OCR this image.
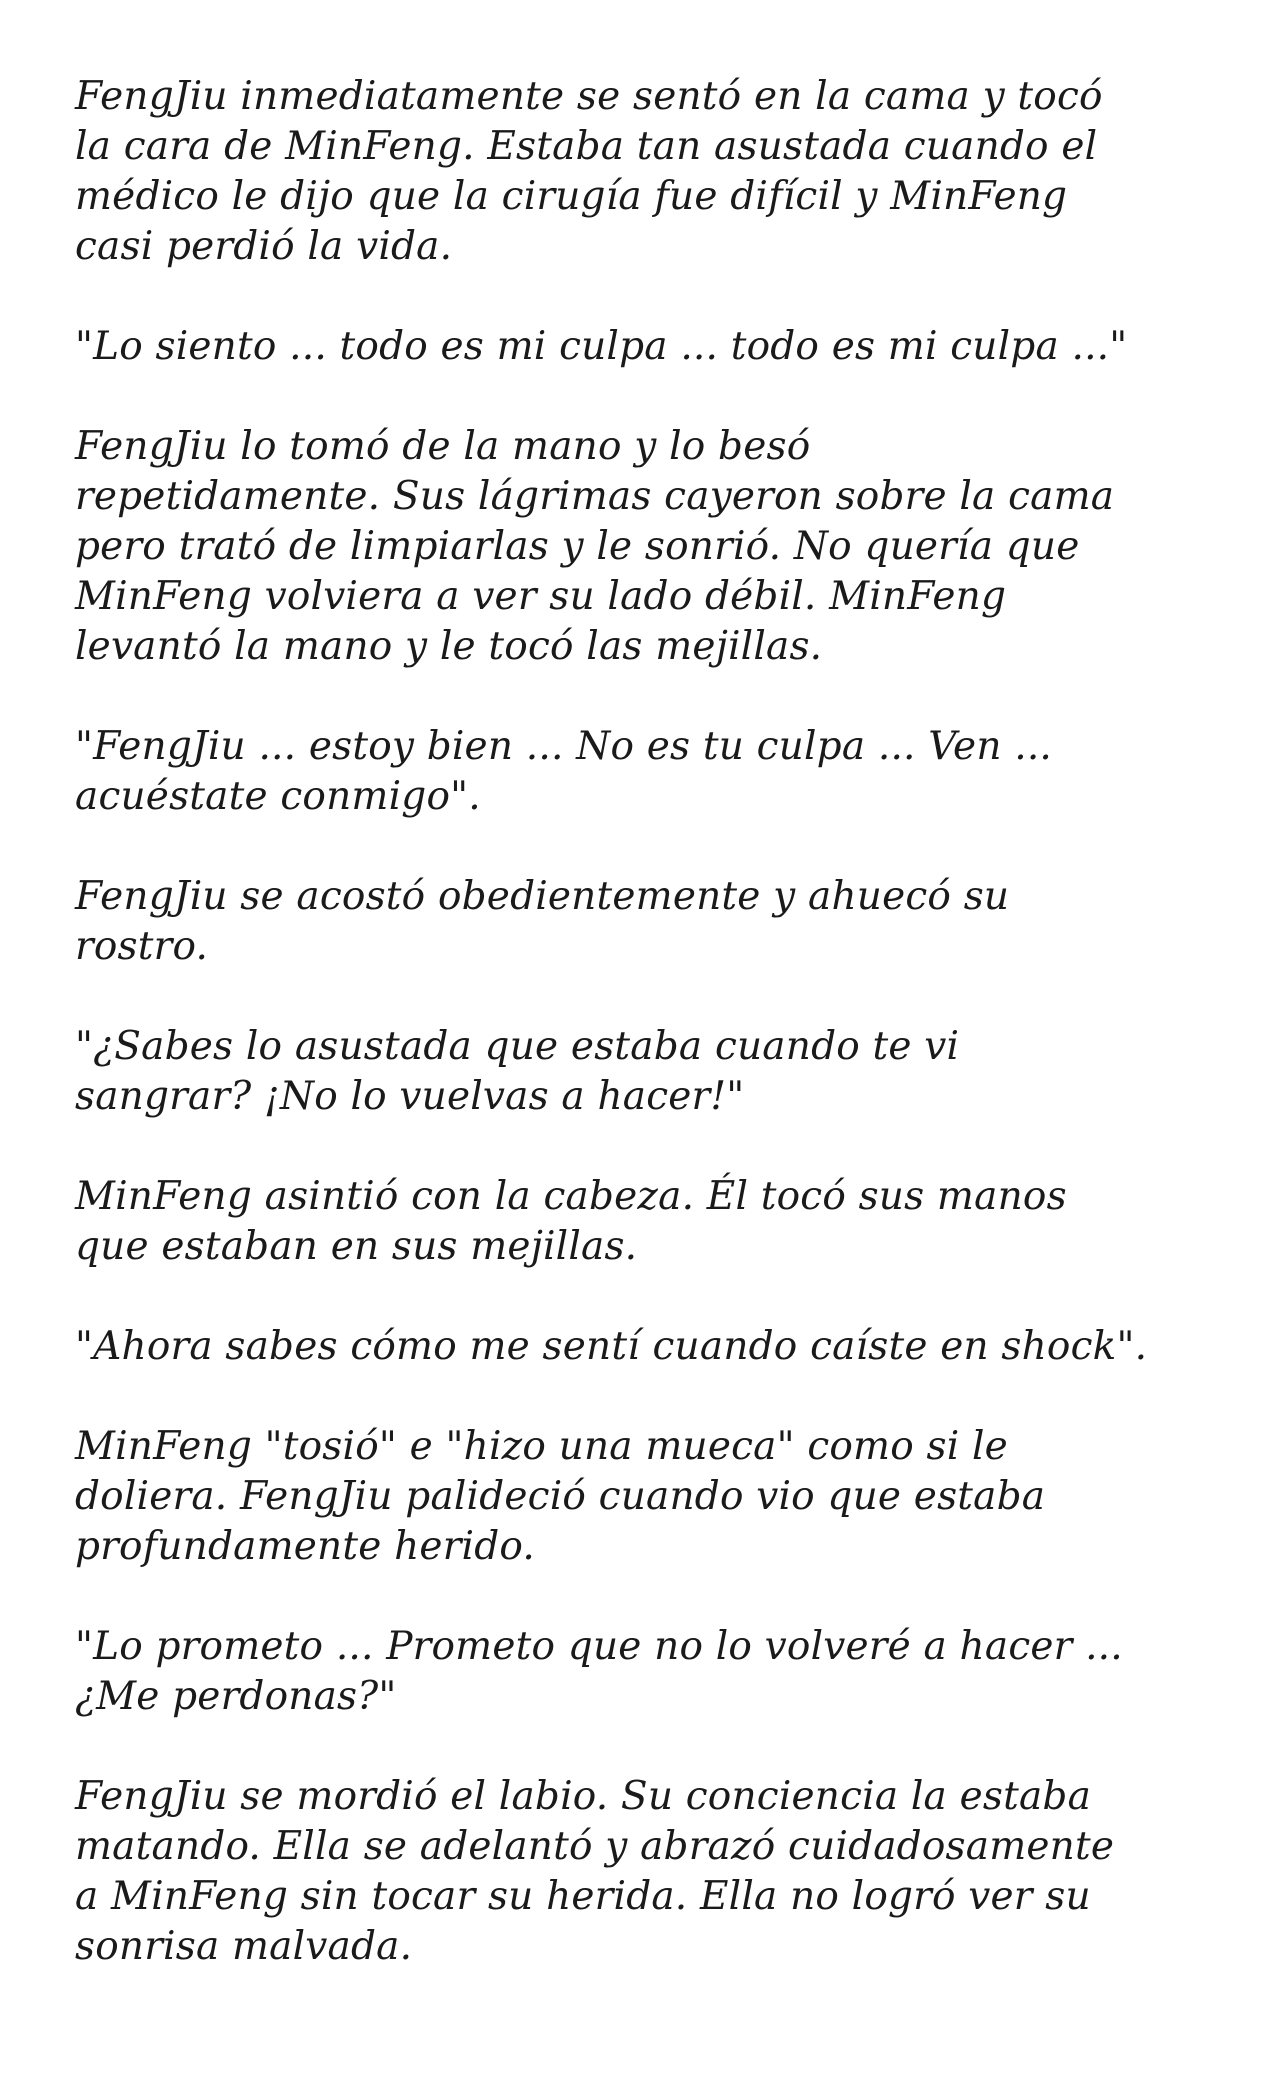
FengJiu inmediatamente se sentó en la cama y tocó
la cara de MinFeng. Estaba tan asustada cuando el
médico le dijo que la cirugía fue difícil y MinFeng
casi perdió la vida.

"Lo siento ... todo es mi culpa ... todo es mi culpa ..."

FengJiu lo tomó de la mano y lo besó
repetidamente. Sus lágrimas cayeron sobre la cama
pero trató de limpiarlas y le sonrió. No quería que
MinFeng volviera a ver su lado débil. MinFeng
levantó la mano y le tocó las mejillas.

"FengJiu ... estoy bien ... No es tu culpa ... Ven ...
acuéstate conmigo".

FengJiu se acostó obedientemente y ahuecó su
rostro.

"¿Sabes lo asustada que estaba cuando te vi
sangrar? ¡No lo vuelvas a hacer!"

MinFeng asintió con la cabeza. Él tocó sus manos
que estaban en sus mejillas.

"Ahora sabes cómo me sentí cuando caíste en shock".

MinFeng "tosió" e "hizo una mueca" como si le
doliera. FengJiu palideció cuando vio que estaba
profundamente herido.

"Lo prometo ... Prometo que no lo volveré a hacer ...
¿Me perdonas?"

FengJiu se mordió el labio. Su conciencia la estaba
matando. Ella se adelantó y abrazó cuidadosamente
a MinFeng sin tocar su herida. Ella no logró ver su
sonrisa malvada.
